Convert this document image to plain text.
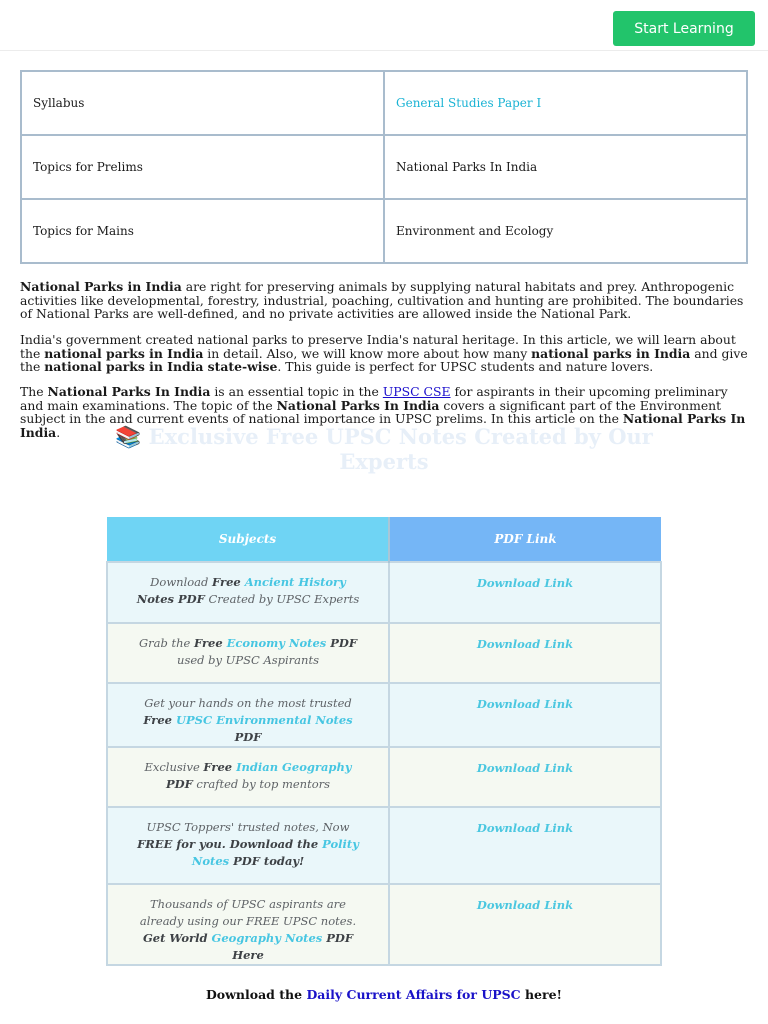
Start Learning
Syllabus	General Studies Paper I
Topics for Prelims	National Parks In India
Topics for Mains	Environment and Ecology

National Parks in India are right for preserving animals by supplying natural habitats and prey. Anthropogenic activities like developmental, forestry, industrial, poaching, cultivation and hunting are prohibited. The boundaries of National Parks are well-defined, and no private activities are allowed inside the National Park.

India's government created national parks to preserve India's natural heritage. In this article, we will learn about the national parks in India in detail. Also, we will know more about how many national parks in India and give the national parks in India state-wise. This guide is perfect for UPSC students and nature lovers.

The National Parks In India is an essential topic in the UPSC CSE for aspirants in their upcoming preliminary and main examinations. The topic of the National Parks In India covers a significant part of the Environment subject in the and current events of national importance in UPSC prelims. In this article on the National Parks In India.	📚 Exclusive Free UPSC Notes Created by Our Experts
Subjects	PDF Link
Download Free Ancient History Notes PDF Created by UPSC Experts	Download Link
Grab the Free Economy Notes PDF used by UPSC Aspirants	Download Link
Get your hands on the most trusted Free UPSC Environmental Notes PDF	Download Link
Exclusive Free Indian Geography PDF crafted by top mentors	Download Link
UPSC Toppers' trusted notes, Now FREE for you. Download the Polity Notes PDF today!	Download Link
Thousands of UPSC aspirants are already using our FREE UPSC notes. Get World Geography Notes PDF Here	Download Link
Download the Daily Current Affairs for UPSC here!
